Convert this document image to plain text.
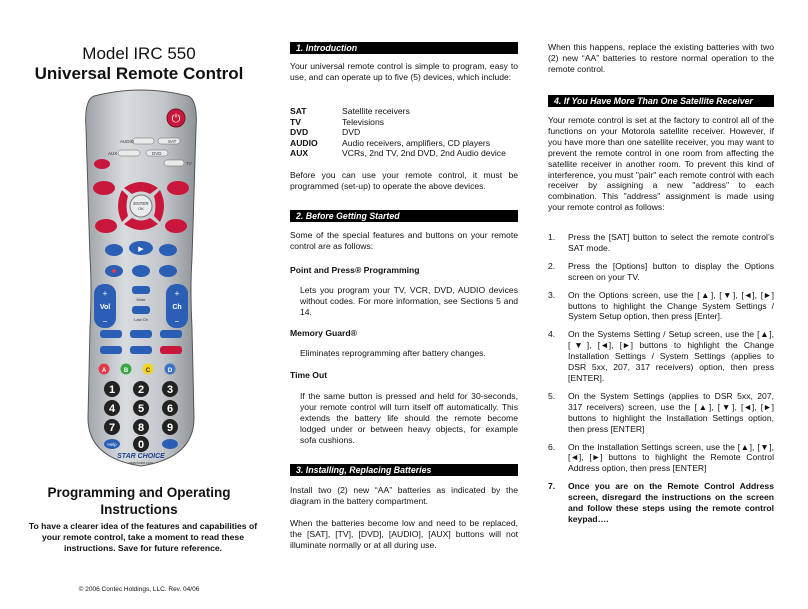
Model IRC 550
Universal Remote Control
⏻
AUDIO	SAT
AUX	DVD
TV
ENTER
OK
▶
+
Vol
−
+
Ch
−
Mute
Last Ch
A	B	C	D
1 2 3
4 5 6
7 8 9
0
Help
STAR CHOICE
starchoice.com
Programming and Operating
Instructions
To have a clearer idea of the features and capabilities of your remote control, take a moment to read these instructions. Save for future reference.
© 2006 Contec Holdings, LLC. Rev. 04/06
1. Introduction
Your universal remote control is simple to program, easy to use, and can operate up to five (5) devices, which include:
SAT	Satellite receivers
TV	Televisions
DVD	DVD
AUDIO	Audio receivers, amplifiers, CD players
AUX	VCRs, 2nd TV, 2nd DVD, 2nd Audio device
Before you can use your remote control, it must be programmed (set-up) to operate the above devices.
2. Before Getting Started
Some of the special features and buttons on your remote control are as follows:
Point and Press® Programming
Lets you program your TV, VCR, DVD, AUDIO devices without codes. For more information, see Sections 5 and 14.
Memory Guard®
Eliminates reprogramming after battery changes.
Time Out
If the same button is pressed and held for 30-seconds, your remote control will turn itself off automatically. This extends the battery life should the remote become lodged under or between heavy objects, for example sofa cushions.
3. Installing, Replacing Batteries
Install two (2) new “AA” batteries as indicated by the diagram in the battery compartment.
When the batteries become low and need to be replaced, the [SAT], [TV], [DVD], [AUDIO], [AUX] buttons will not illuminate normally or at all during use.
When this happens, replace the existing batteries with two (2) new “AA” batteries to restore normal operation to the remote control.
4. If You Have More Than One Satellite Receiver
Your remote control is set at the factory to control all of the functions on your Motorola satellite receiver. However, if you have more than one satellite receiver, you may want to prevent the remote control in one room from affecting the satellite receiver in another room. To prevent this kind of interference, you must "pair" each remote control with each receiver by assigning a new "address" to each combination. This "address" assignment is made using your remote control as follows:
1. Press the [SAT] button to select the remote control’s SAT mode.
2. Press the [Options] button to display the Options screen on your TV.
3. On the Options screen, use the [▲], [▼], [◄], [►] buttons to highlight the Change System Settings / System Setup option, then press [Enter].
4. On the Systems Setting / Setup screen, use the [▲], [▼], [◄], [►] buttons to highlight the Change Installation Settings / System Settings (applies to DSR 5xx, 207, 317 receivers) option, then press [ENTER].
5. On the System Settings (applies to DSR 5xx, 207, 317 receivers) screen, use the [▲], [▼], [◄], [►] buttons to highlight the Installation Settings option, then press [ENTER]
6. On the Installation Settings screen, use the [▲], [▼], [◄], [►] buttons to highlight the Remote Control Address option, then press [ENTER]
7. Once you are on the Remote Control Address screen, disregard the instructions on the screen and follow these steps using the remote control keypad….
